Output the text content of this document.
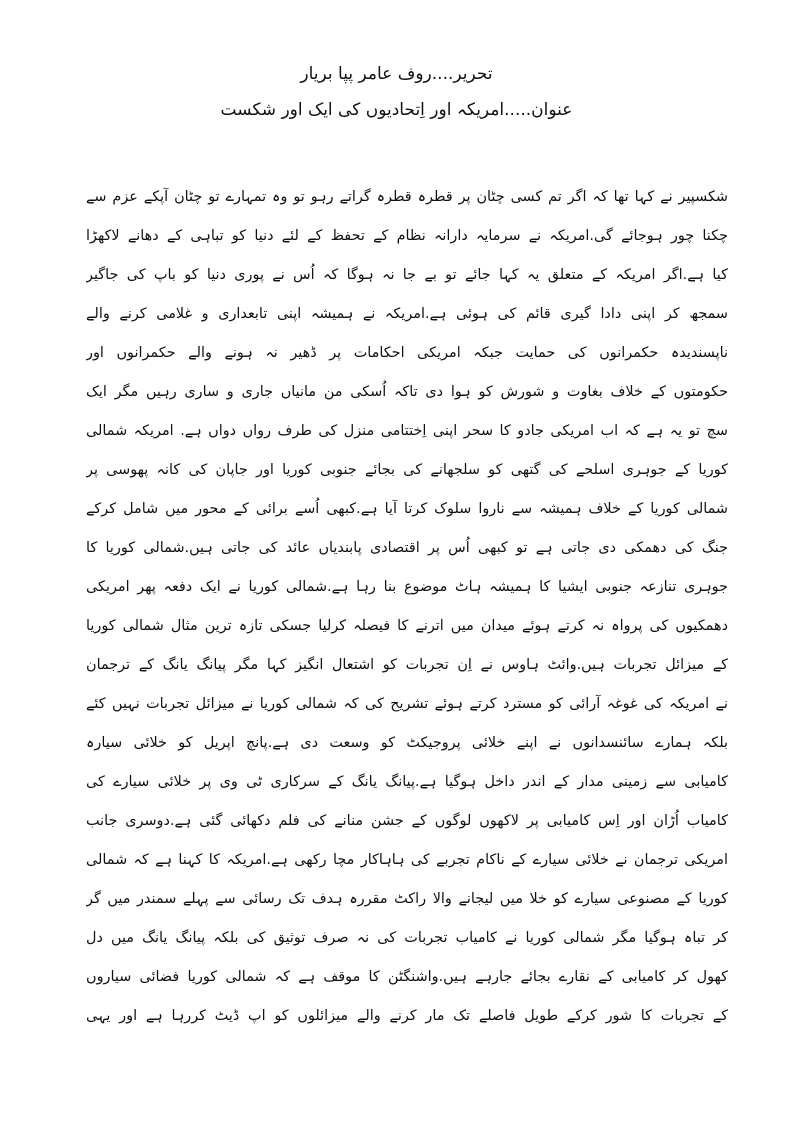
تحریر....روف عامر پپا بریار
عنوان.....امریکہ اور اِتحادیوں کی ایک اور شکست
شکسپیر نے کہا تھا کہ اگر تم کسی چٹان پر قطرہ قطرہ گراتے رہو تو وہ تمہارے تو چٹان آپکے عزم سے
چکنا چور ہوجائے گی.امریکہ نے سرمایہ دارانہ نظام کے تحفظ کے لئے دنیا کو تباہی کے دھانے لاکھڑا
کیا ہے.اگر امریکہ کے متعلق یہ کہا جائے تو بے جا نہ ہوگا کہ اُس نے پوری دنیا کو باپ کی جاگیر
سمجھ کر اپنی دادا گیری قائم کی ہوئی ہے.امریکہ نے ہمیشہ اپنی تابعداری و غلامی کرنے والے
ناپسندیدہ حکمرانوں کی حمایت جبکہ امریکی احکامات پر ڈھیر نہ ہونے والے حکمرانوں اور
حکومتوں کے خلاف بغاوت و شورش کو ہوا دی تاکہ اُسکی من مانیاں جاری و ساری رہیں مگر ایک
سچ تو یہ ہے کہ اب امریکی جادو کا سحر اپنی اِختتامی منزل کی طرف رواں دواں ہے. امریکہ شمالی
کوریا کے جوہری اسلحے کی گتھی کو سلجھانے کی بجائے جنوبی کوریا اور جاپان کی کانہ پھوسی پر
شمالی کوریا کے خلاف ہمیشہ سے ناروا سلوک کرتا آیا ہے.کبھی اُسے برائی کے محور میں شامل کرکے
جنگ کی دھمکی دی جاتی ہے تو کبھی اُس پر اقتصادی پابندیاں عائد کی جاتی ہیں.شمالی کوریا کا
جوہری تنازعہ جنوبی ایشیا کا ہمیشہ ہاٹ موضوع بنا رہا ہے.شمالی کوریا نے ایک دفعہ پھر امریکی
دھمکیوں کی پرواہ نہ کرتے ہوئے میدان میں اترنے کا فیصلہ کرلیا جسکی تازہ ترین مثال شمالی کوریا
کے میزائل تجربات ہیں.وائٹ ہاوس نے اِن تجربات کو اشتعال انگیز کہا مگر پیانگ یانگ کے ترجمان
نے امریکہ کی غوغہ آرائی کو مسترد کرتے ہوئے تشریح کی کہ شمالی کوریا نے میزائل تجربات نہیں کئے
بلکہ ہمارے سائنسدانوں نے اپنے خلائی پروجیکٹ کو وسعت دی ہے.پانچ اپریل کو خلائی سیارہ
کامیابی سے زمینی مدار کے اندر داخل ہوگیا ہے.پیانگ یانگ کے سرکاری ٹی وی پر خلائی سیارے کی
کامیاب اُڑان اور اِس کامیابی پر لاکھوں لوگوں کے جشن منانے کی فلم دکھائی گئی ہے.دوسری جانب
امریکی ترجمان نے خلائی سیارے کے ناکام تجربے کی ہاہاکار مچا رکھی ہے.امریکہ کا کہنا ہے کہ شمالی
کوریا کے مصنوعی سیارے کو خلا میں لیجانے والا راکٹ مقررہ ہدف تک رسائی سے پہلے سمندر میں گر
کر تباہ ہوگیا مگر شمالی کوریا نے کامیاب تجربات کی نہ صرف توثیق کی بلکہ پیانگ یانگ میں دل
کھول کر کامیابی کے نقارے بجائے جارہے ہیں.واشنگٹن کا موقف ہے کہ شمالی کوریا فضائی سیاروں
کے تجربات کا شور کرکے طویل فاصلے تک مار کرنے والے میزائلوں کو اپ ڈیٹ کررہا ہے اور یہی
